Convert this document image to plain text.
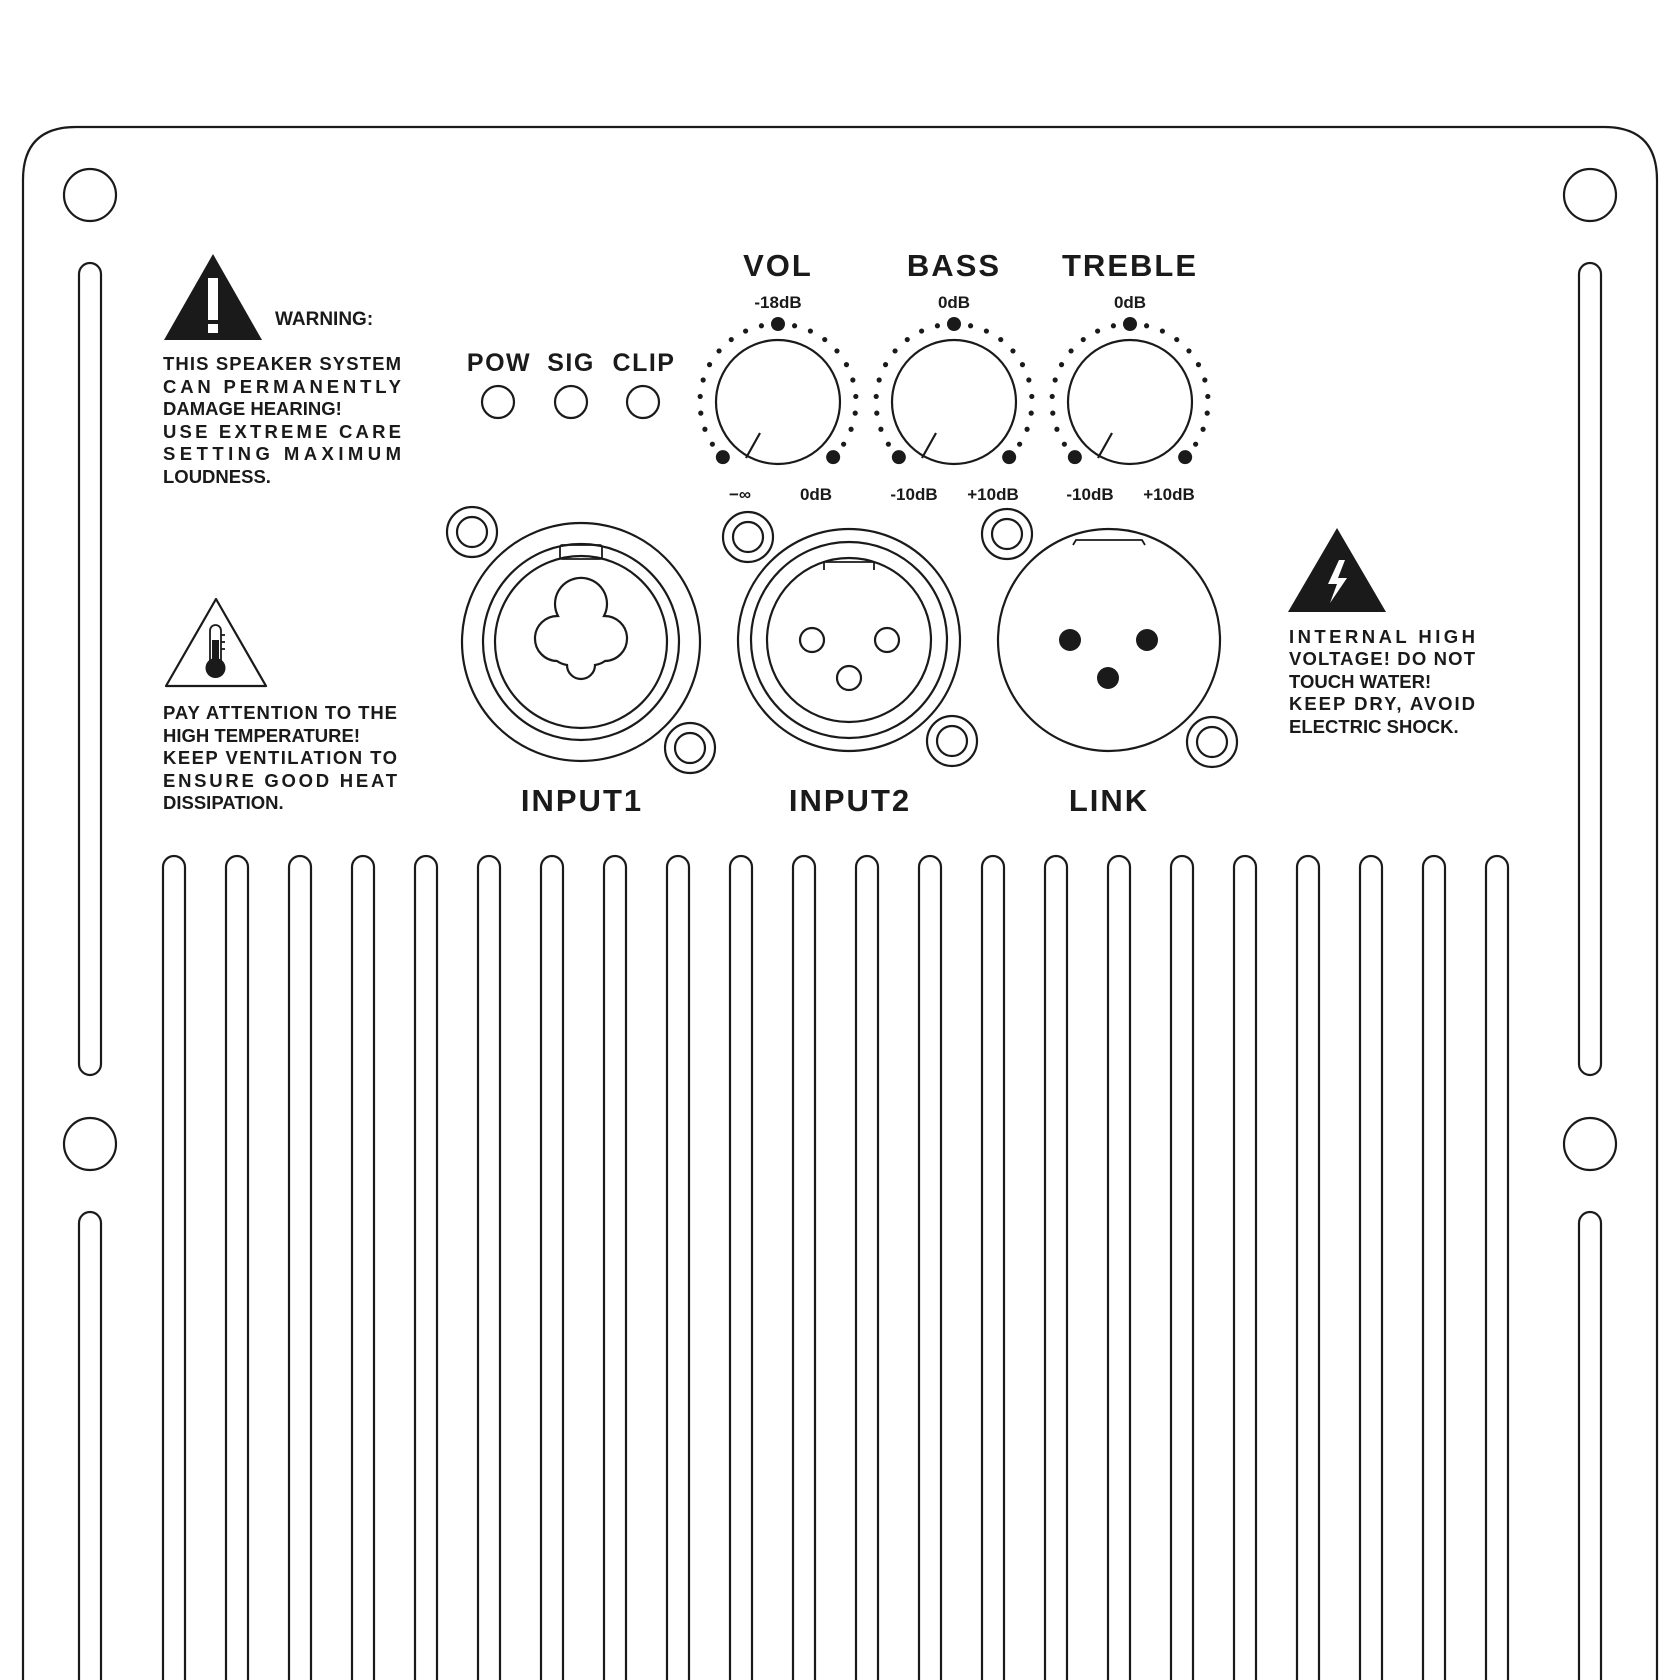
WARNING:
THIS SPEAKER SYSTEM
CAN PERMANENTLY
DAMAGE HEARING!
USE EXTREME CARE
SETTING MAXIMUM
LOUDNESS.
PAY ATTENTION TO THE
HIGH TEMPERATURE!
KEEP VENTILATION TO
ENSURE GOOD HEAT
DISSIPATION.
INTERNAL HIGH
VOLTAGE! DO NOT
TOUCH WATER!
KEEP DRY, AVOID
ELECTRIC SHOCK.
POW SIG CLIP
VOL
-18dB
−∞	0dB
BASS
0dB
-10dB +10dB
TREBLE
0dB
-10dB +10dB
INPUT1	INPUT2	LINK
